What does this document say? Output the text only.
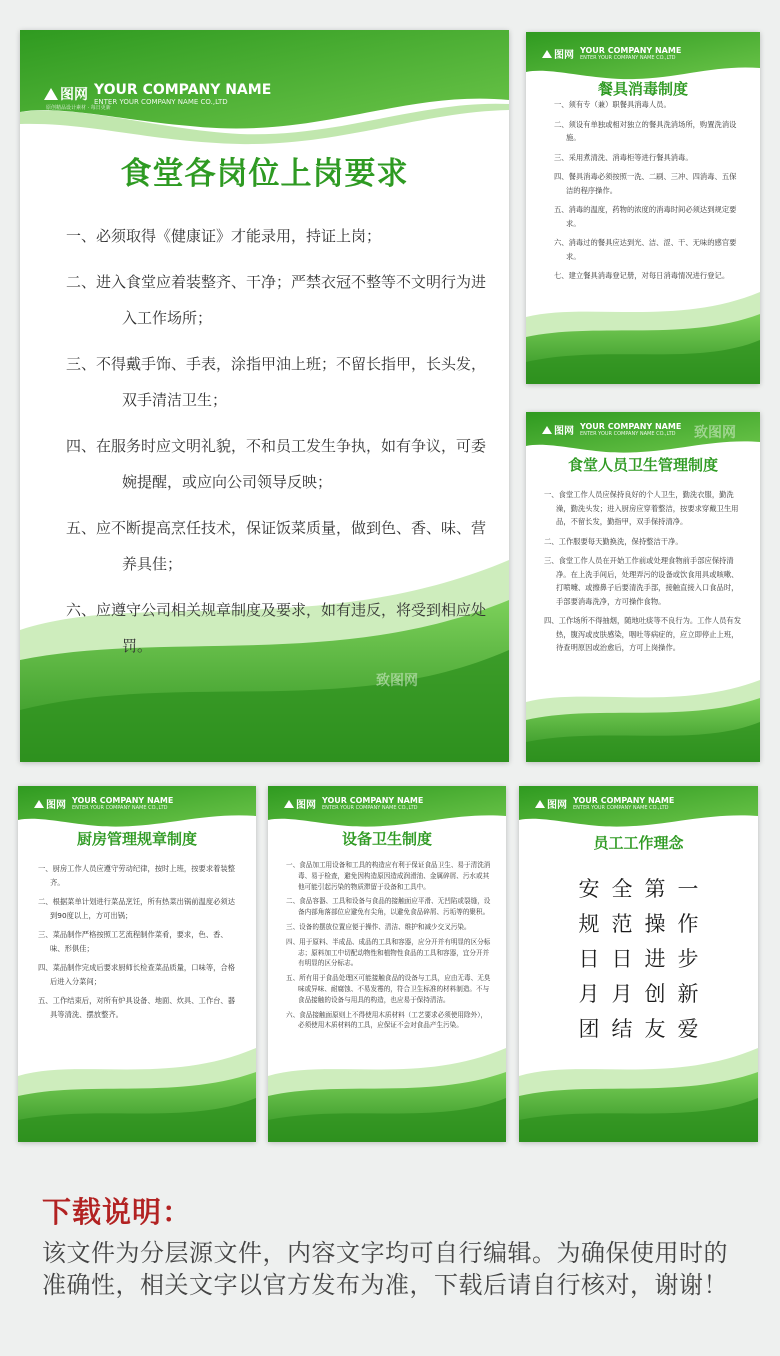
图网 YOUR COMPANY NAME
ENTER YOUR COMPANY NAME CO.,LTD
原创精品设计素材 · 每日更新
食堂各岗位上岗要求
一、必须取得《健康证》才能录用，持证上岗；
二、进入食堂应着装整齐、干净；严禁衣冠不整等不文明行为进入工作场所；
三、不得戴手饰、手表，涂指甲油上班；不留长指甲，长头发，双手清洁卫生；
四、在服务时应文明礼貌，不和员工发生争执，如有争议，可委婉提醒，或应向公司领导反映；
五、应不断提高烹任技术，保证饭菜质量，做到色、香、味、营养具佳；
六、应遵守公司相关规章制度及要求，如有违反，将受到相应处罚。
致图网
图网 YOUR COMPANY NAME
ENTER YOUR COMPANY NAME CO.,LTD
餐具消毒制度
一、须有专（兼）职餐具消毒人员。
二、须设有单独或相对独立的餐具洗消场所，购置洗消设施。
三、采用煮清洗、消毒柜等进行餐具消毒。
四、餐具消毒必须按照一洗、二刷、三冲、四消毒、五保洁的程序操作。
五、消毒的温度，药物的浓度的消毒时间必须达到规定要求。
六、消毒过的餐具应达到光、洁、涩、干、无味的感官要求。
七、建立餐具消毒登记册，对每日消毒情况进行登记。
图网 YOUR COMPANY NAME
ENTER YOUR COMPANY NAME CO.,LTD
食堂人员卫生管理制度
一、食堂工作人员应保持良好的个人卫生，勤洗衣服，勤洗澡，勤洗头发；进入厨房应穿着整洁，按要求穿戴卫生用品，不留长发，勤指甲，双手保持清净。
二、工作服要每天勤换洗，保持整洁干净。
三、食堂工作人员在开始工作前或处理食物前手部应保持清净。在上洗手间后，处理弄污的设备或饮食用具或咳嗽、打喷嚏、或擦鼻子后要清洗手部，接触直接入口食品时，手部要消毒洗净，方可操作食物。
四、工作场所不得抽烟，随地吐痰等不良行为。工作人员有发热，腹泻或皮肤感染，咽吐等病症的，应立即停止上班，待查明原因或治愈后，方可上岗操作。
致图网
图网 YOUR COMPANY NAME
ENTER YOUR COMPANY NAME CO.,LTD
厨房管理规章制度
一、厨房工作人员应遵守劳动纪律，按时上班，按要求着装整齐。
二、根据菜单计划进行菜品烹饪，所有热菜出锅前温度必须达到90度以上，方可出锅；
三、菜品制作严格按照工艺流程制作菜肴，要求，色、香、味、形俱佳；
四、菜品制作完成后要求厨师长检查菜品质量，口味等，合格后进入分菜间；
五、工作结束后，对所有炉具设备、地面、炊具、工作台、器具等清洗、摆放整齐。
图网 YOUR COMPANY NAME
ENTER YOUR COMPANY NAME CO.,LTD
设备卫生制度
一、食品加工用设备和工具的构造应有利于保证食品卫生、易于清洗消毒、易于检查，避免因构造原因造成润滑油、金属碎屑、污水或其他可能引起污染的物质滞留于设备和工具中。
二、食品容器、工具和设备与食品的接触面应平滑、无凹陷或裂缝，设备内部角落部位应避免有尖角，以避免食品碎屑、污垢等的聚积。
三、设备的摆放位置应便于操作、清洁、维护和减少交叉污染。
四、用于原料、半成品、成品的工具和容器，应分开并有明显的区分标志；原料加工中切配动物性和植物性食品的工具和容器，宜分开并有明显的区分标志。
五、所有用于食品处理区可能接触食品的设备与工具，应由无毒、无臭味或异味、耐腐蚀、不易发霉的，符合卫生标准的材料制造。不与食品接触的设备与用具的构造，也应易于保持清洁。
六、食品接触面原则上不得使用木质材料（工艺要求必须使用除外），必须使用木质材料的工具，应保证不会对食品产生污染。
图网 YOUR COMPANY NAME
ENTER YOUR COMPANY NAME CO.,LTD
员工工作理念
安全第一
规范操作
日日进步
月月创新
团结友爱
下载说明：

该文件为分层源文件，内容文字均可自行编辑。为确保使用时的准确性，相关文字以官方发布为准，下载后请自行核对，谢谢！
